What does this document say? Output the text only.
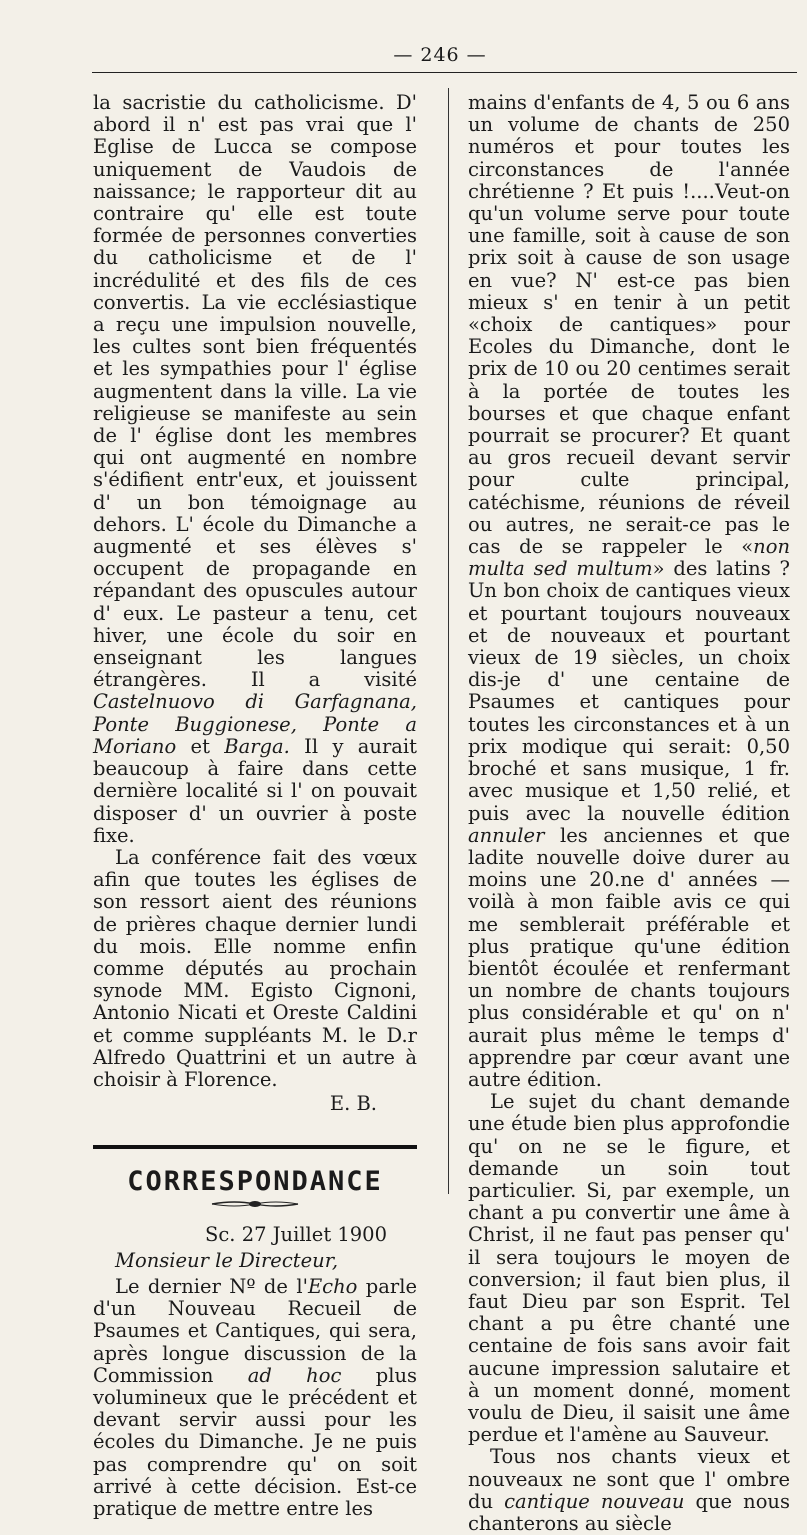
— 246 —

la sacristie du catholicisme. D' abord il n' est pas vrai que l' Eglise de Lucca se compose uniquement de Vaudois de naissance; le rapporteur dit au contraire qu' elle est toute formée de personnes converties du catholicisme et de l' incrédulité et des fils de ces convertis. La vie ecclésiastique a reçu une impulsion nouvelle, les cultes sont bien fréquentés et les sympathies pour l' église augmentent dans la ville. La vie religieuse se manifeste au sein de l' église dont les membres qui ont augmenté en nombre s'édifient entr'eux, et jouissent d' un bon témoignage au dehors. L' école du Dimanche a augmenté et ses élèves s' occupent de propagande en répandant des opuscules autour d' eux. Le pasteur a tenu, cet hiver, une école du soir en enseignant les langues étrangères. Il a visité Castelnuovo di Garfagnana, Ponte Buggionese, Ponte a Moriano et Barga. Il y aurait beaucoup à faire dans cette dernière localité si l' on pouvait disposer d' un ouvrier à poste fixe.

La conférence fait des vœux afin que toutes les églises de son ressort aient des réunions de prières chaque dernier lundi du mois. Elle nomme enfin comme députés au prochain synode MM. Egisto Cignoni, Antonio Nicati et Oreste Caldini et comme suppléants M. le D.r Alfredo Quattrini et un autre à choisir à Florence.

E. B.

CORRESPONDANCE

Sc. 27 Juillet 1900

Monsieur le Directeur,

Le dernier Nº de l'Echo parle d'un Nouveau Recueil de Psaumes et Cantiques, qui sera, après longue discussion de la Commission ad hoc plus volumineux que le précédent et devant servir aussi pour les écoles du Dimanche. Je ne puis pas comprendre qu' on soit arrivé à cette décision. Est-ce pratique de mettre entre les

mains d'enfants de 4, 5 ou 6 ans un volume de chants de 250 numéros et pour toutes les circonstances de l'année chrétienne ? Et puis !....Veut-on qu'un volume serve pour toute une famille, soit à cause de son prix soit à cause de son usage en vue? N' est-ce pas bien mieux s' en tenir à un petit «choix de cantiques» pour Ecoles du Dimanche, dont le prix de 10 ou 20 centimes serait à la portée de toutes les bourses et que chaque enfant pourrait se procurer? Et quant au gros recueil devant servir pour culte principal, catéchisme, réunions de réveil ou autres, ne serait-ce pas le cas de se rappeler le «non multa sed multum» des latins ? Un bon choix de cantiques vieux et pourtant toujours nouveaux et de nouveaux et pourtant vieux de 19 siècles, un choix dis-je d' une centaine de Psaumes et cantiques pour toutes les circonstances et à un prix modique qui serait: 0,50 broché et sans musique, 1 fr. avec musique et 1,50 relié, et puis avec la nouvelle édition annuler les anciennes et que ladite nouvelle doive durer au moins une 20.ne d' années — voilà à mon faible avis ce qui me semblerait préférable et plus pratique qu'une édition bientôt écoulée et renfermant un nombre de chants toujours plus considérable et qu' on n' aurait plus même le temps d' apprendre par cœur avant une autre édition.

Le sujet du chant demande une étude bien plus approfondie qu' on ne se le figure, et demande un soin tout particulier. Si, par exemple, un chant a pu convertir une âme à Christ, il ne faut pas penser qu' il sera toujours le moyen de conversion; il faut bien plus, il faut Dieu par son Esprit. Tel chant a pu être chanté une centaine de fois sans avoir fait aucune impression salutaire et à un moment donné, moment voulu de Dieu, il saisit une âme perdue et l'amène au Sauveur.

Tous nos chants vieux et nouveaux ne sont que l' ombre du cantique nouveau que nous chanterons au siècle
